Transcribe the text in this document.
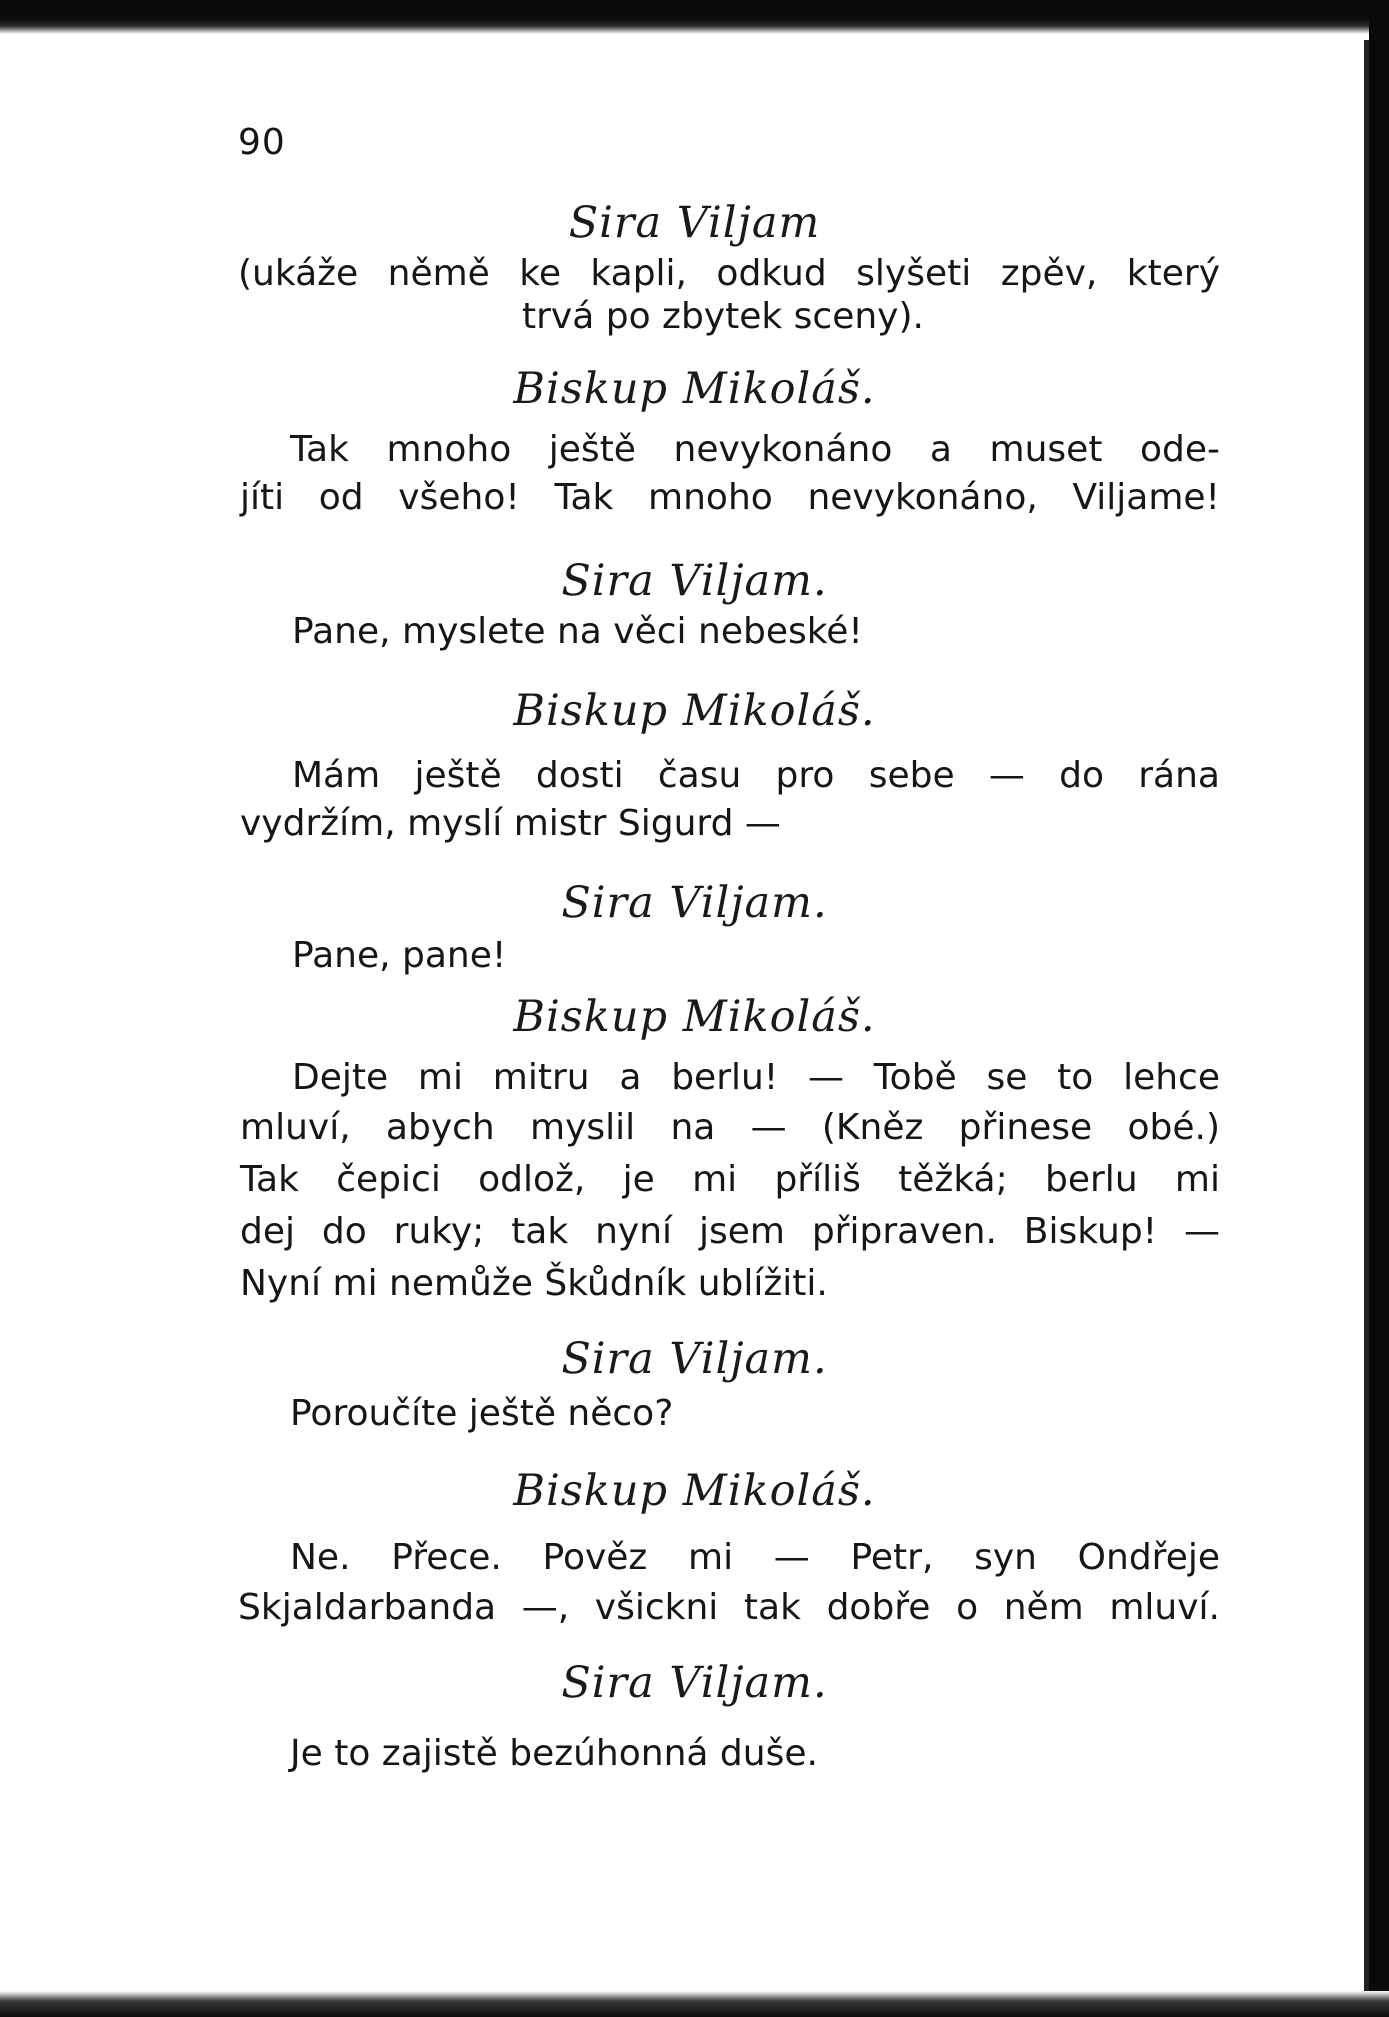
90
Sira Viljam
(ukáže němě ke kapli, odkud slyšeti zpěv, který
trvá po zbytek sceny).
Biskup Mikoláš.
Tak mnoho ještě nevykonáno a muset ode-
jíti od všeho! Tak mnoho nevykonáno, Viljame!
Sira Viljam.
Pane, myslete na věci nebeské!
Biskup Mikoláš.
Mám ještě dosti času pro sebe — do rána
vydržím, myslí mistr Sigurd —
Sira Viljam.
Pane, pane!
Biskup Mikoláš.
Dejte mi mitru a berlu! — Tobě se to lehce
mluví, abych myslil na — (Kněz přinese obé.)
Tak čepici odlož, je mi příliš těžká; berlu mi
dej do ruky; tak nyní jsem připraven. Biskup! —
Nyní mi nemůže Škůdník ublížiti.
Sira Viljam.
Poroučíte ještě něco?
Biskup Mikoláš.
Ne. Přece. Pověz mi — Petr, syn Ondřeje
Skjaldarbanda —, všickni tak dobře o něm mluví.
Sira Viljam.
Je to zajistě bezúhonná duše.
